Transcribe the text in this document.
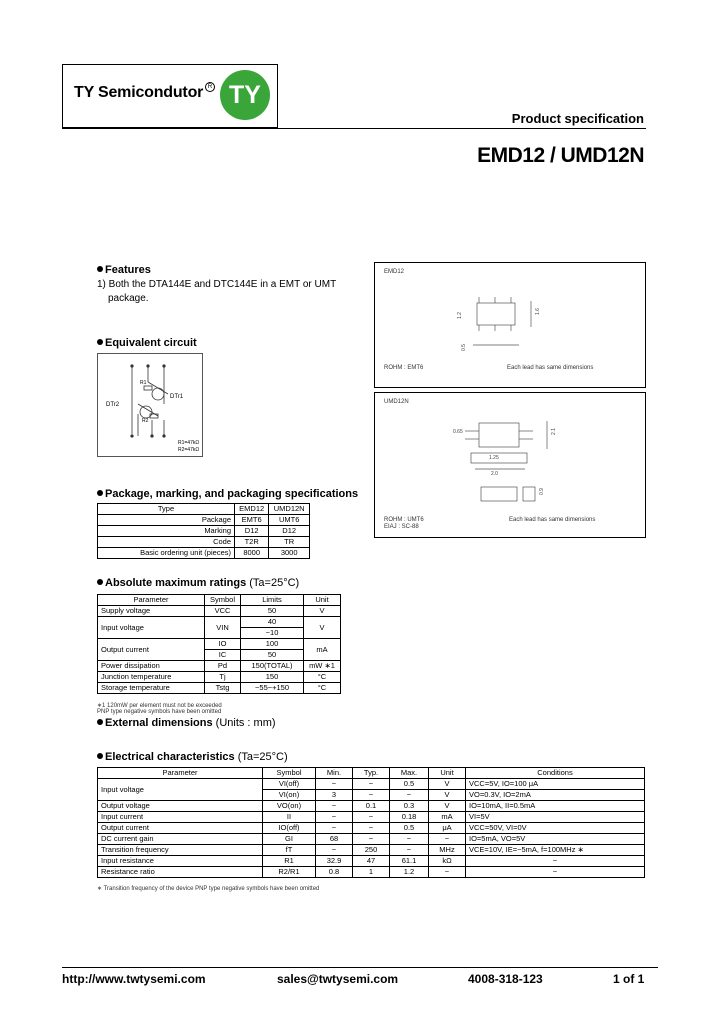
TY Semicondutor R TY
Product specification
EMD12 / UMD12N
Features
1) Both the DTA144E and DTC144E in a EMT or UMT
package.
Equivalent circuit
DTr1
DTr2
R1
R2
R1=47kΩ
R2=47kΩ
Package, marking, and packaging specifications
Type	EMD12	UMD12N
Package	EMT6	UMT6
Marking	D12	D12
Code	T2R	TR
Basic ordering unit (pieces)	8000	3000
Absolute maximum ratings (Ta=25°C)
Parameter	Symbol	Limits	Unit
Supply voltage	VCC	50	V
Input voltage	VIN	40	V
		−10	
Output current	IO	100	mA
	IC	50	
Power dissipation	Pd	150(TOTAL)	mW ∗1
Junction temperature	Tj	150	°C
Storage temperature	Tstg	−55~+150	°C
∗1 120mW per element must not be exceeded
PNP type negative symbols have been omitted
External dimensions (Units : mm)
EMD12
1.2
1.6
0.5
ROHM : EMT6	Each lead has same dimensions
UMD12N
1.25
2.0
0.65	2.1
0.9
ROHM : UMT6
EIAJ : SC-88
Each lead has same dimensions
Electrical characteristics (Ta=25°C)
Parameter	Symbol	Min.	Typ.	Max.	Unit	Conditions
Input voltage	VI(off)	−	−	0.5	V	VCC=5V, IO=100 μA
	VI(on)	3	−	−	V	VO=0.3V, IO=2mA
Output voltage	VO(on)	−	0.1	0.3	V	IO=10mA, II=0.5mA
Input current	II	−	−	0.18	mA	VI=5V
Output current	IO(off)	−	−	0.5	μA	VCC=50V, VI=0V
DC current gain	GI	68	−	−	−	IO=5mA, VO=5V
Transition frequency	fT	−	250	−	MHz	VCE=10V, IE=−5mA, f=100MHz ∗
Input resistance	R1	32.9	47	61.1	kΩ	−
Resistance ratio	R2/R1	0.8	1	1.2	−	−
∗ Transition frequency of the device PNP type negative symbols have been omitted
http://www.twtysemi.com	sales@twtysemi.com	4008-318-123	1 of 1
